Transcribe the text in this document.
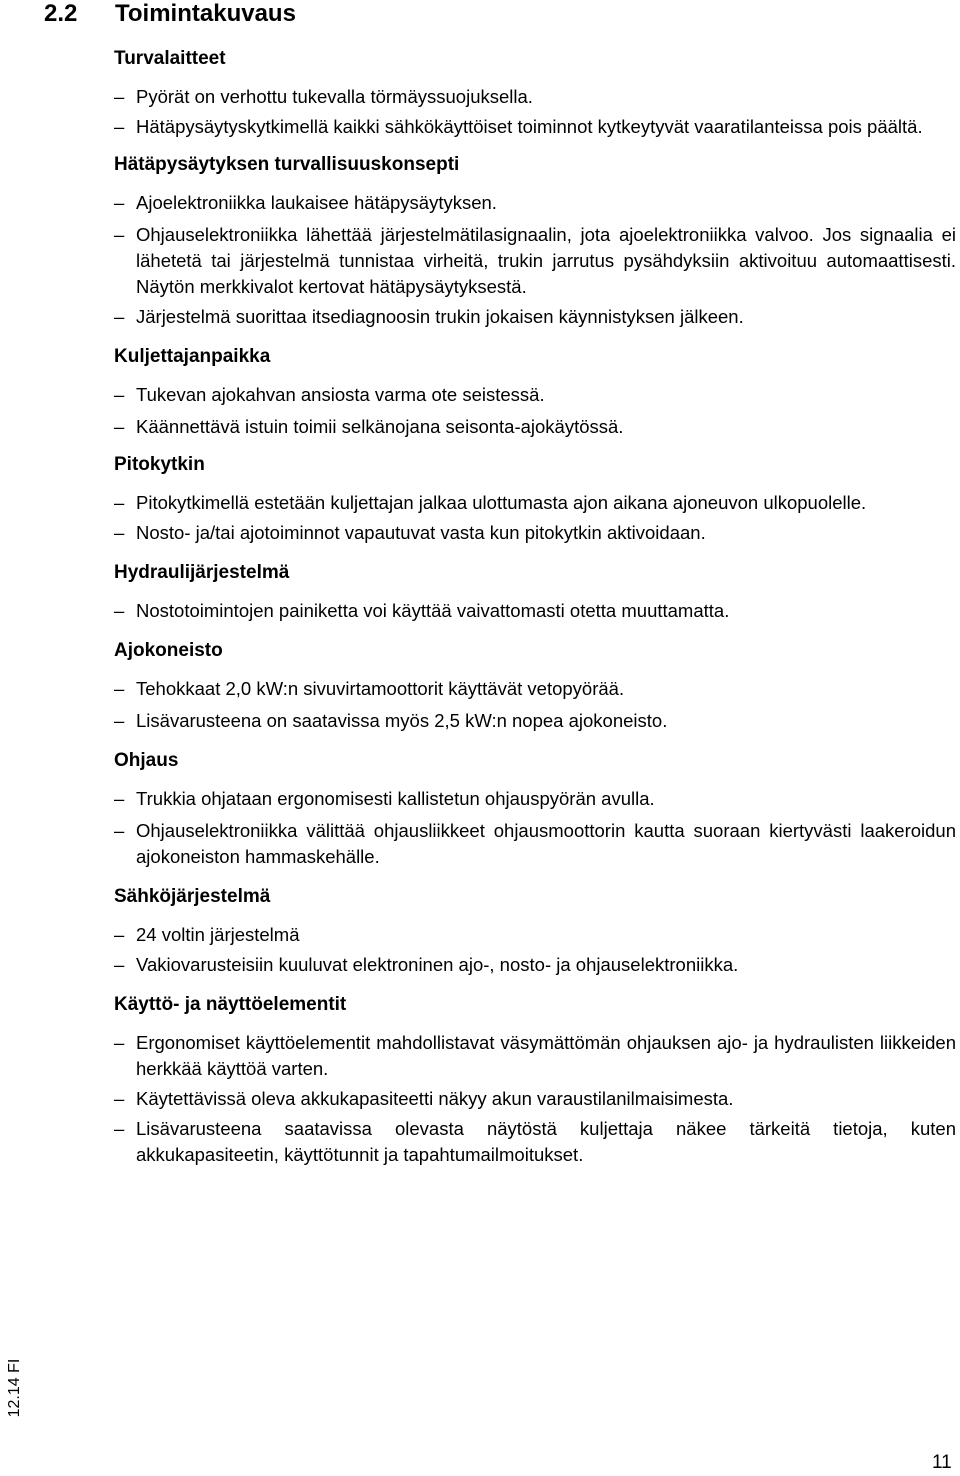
2.2 Toimintakuvaus
Turvalaitteet
– Pyörät on verhottu tukevalla törmäyssuojuksella.
– Hätäpysäytyskytkimellä kaikki sähkökäyttöiset toiminnot kytkeytyvät vaaratilanteissa pois päältä.
Hätäpysäytyksen turvallisuuskonsepti
– Ajoelektroniikka laukaisee hätäpysäytyksen.
– Ohjauselektroniikka lähettää järjestelmätilasignaalin, jota ajoelektroniikka valvoo. Jos signaalia ei lähetetä tai järjestelmä tunnistaa virheitä, trukin jarrutus pysähdyksiin aktivoituu automaattisesti. Näytön merkkivalot kertovat hätäpysäytyksestä.
– Järjestelmä suorittaa itsediagnoosin trukin jokaisen käynnistyksen jälkeen.
Kuljettajanpaikka
– Tukevan ajokahvan ansiosta varma ote seistessä.
– Käännettävä istuin toimii selkänojana seisonta-ajokäytössä.
Pitokytkin
– Pitokytkimellä estetään kuljettajan jalkaa ulottumasta ajon aikana ajoneuvon ulkopuolelle.
– Nosto- ja/tai ajotoiminnot vapautuvat vasta kun pitokytkin aktivoidaan.
Hydraulijärjestelmä
– Nostotoimintojen painiketta voi käyttää vaivattomasti otetta muuttamatta.
Ajokoneisto
– Tehokkaat 2,0 kW:n sivuvirtamoottorit käyttävät vetopyörää.
– Lisävarusteena on saatavissa myös 2,5 kW:n nopea ajokoneisto.
Ohjaus
– Trukkia ohjataan ergonomisesti kallistetun ohjauspyörän avulla.
– Ohjauselektroniikka välittää ohjausliikkeet ohjausmoottorin kautta suoraan kiertyvästi laakeroidun ajokoneiston hammaskehälle.
Sähköjärjestelmä
– 24 voltin järjestelmä
– Vakiovarusteisiin kuuluvat elektroninen ajo-, nosto- ja ohjauselektroniikka.
Käyttö- ja näyttöelementit
– Ergonomiset käyttöelementit mahdollistavat väsymättömän ohjauksen ajo- ja hydraulisten liikkeiden herkkää käyttöä varten.
– Käytettävissä oleva akkukapasiteetti näkyy akun varaustilanilmaisimesta.
– Lisävarusteena saatavissa olevasta näytöstä kuljettaja näkee tärkeitä tietoja, kuten akkukapasiteetin, käyttötunnit ja tapahtumailmoitukset.
12.14 FI
11
